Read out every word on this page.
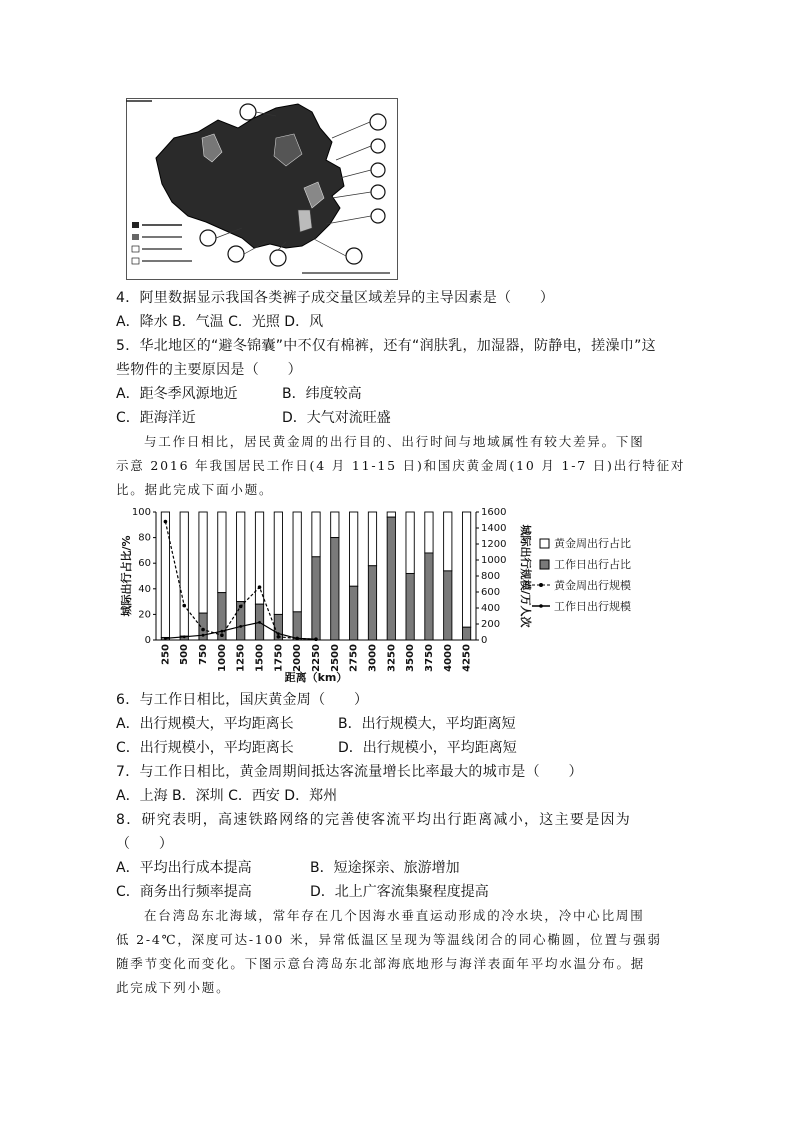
4．阿里数据显示我国各类裤子成交量区域差异的主导因素是（　　）
A．降水 B．气温 C．光照 D．风
5．华北地区的“避冬锦囊”中不仅有棉裤，还有“润肤乳，加湿器，防静电，搓澡巾”这
些物件的主要原因是（　　）
A．距冬季风源地近	B．纬度较高
C．距海洋近	D．大气对流旺盛
与工作日相比，居民黄金周的出行目的、出行时间与地域属性有较大差异。下图
示意 2016 年我国居民工作日(4 月 11-15 日)和国庆黄金周(10 月 1-7 日)出行特征对
比。据此完成下面小题。
0
20
40
60
80
100
0
200
400
600
800
1000
1200
1400
1600
250 500 750 1000 1250 1500 1750 2000 2250 2500 2750 3000 3250 3500 3750 4000 4250
城际出行占比/%	城际出行规模/万人次
距离（km）
黄金周出行占比
工作日出行占比
黄金周出行规模
工作日出行规模
6．与工作日相比，国庆黄金周（　　）
A．出行规模大，平均距离长	B．出行规模大，平均距离短
C．出行规模小，平均距离长	D．出行规模小，平均距离短
7．与工作日相比，黄金周期间抵达客流量增长比率最大的城市是（　　）
A．上海 B．深圳 C．西安 D．郑州
8．研究表明，高速铁路网络的完善使客流平均出行距离减小，这主要是因为
（　　）
A．平均出行成本提高	B．短途探亲、旅游增加
C．商务出行频率提高	D．北上广客流集聚程度提高
在台湾岛东北海域，常年存在几个因海水垂直运动形成的冷水块，冷中心比周围
低 2-4℃，深度可达-100 米，异常低温区呈现为等温线闭合的同心椭圆，位置与强弱
随季节变化而变化。下图示意台湾岛东北部海底地形与海洋表面年平均水温分布。据
此完成下列小题。
